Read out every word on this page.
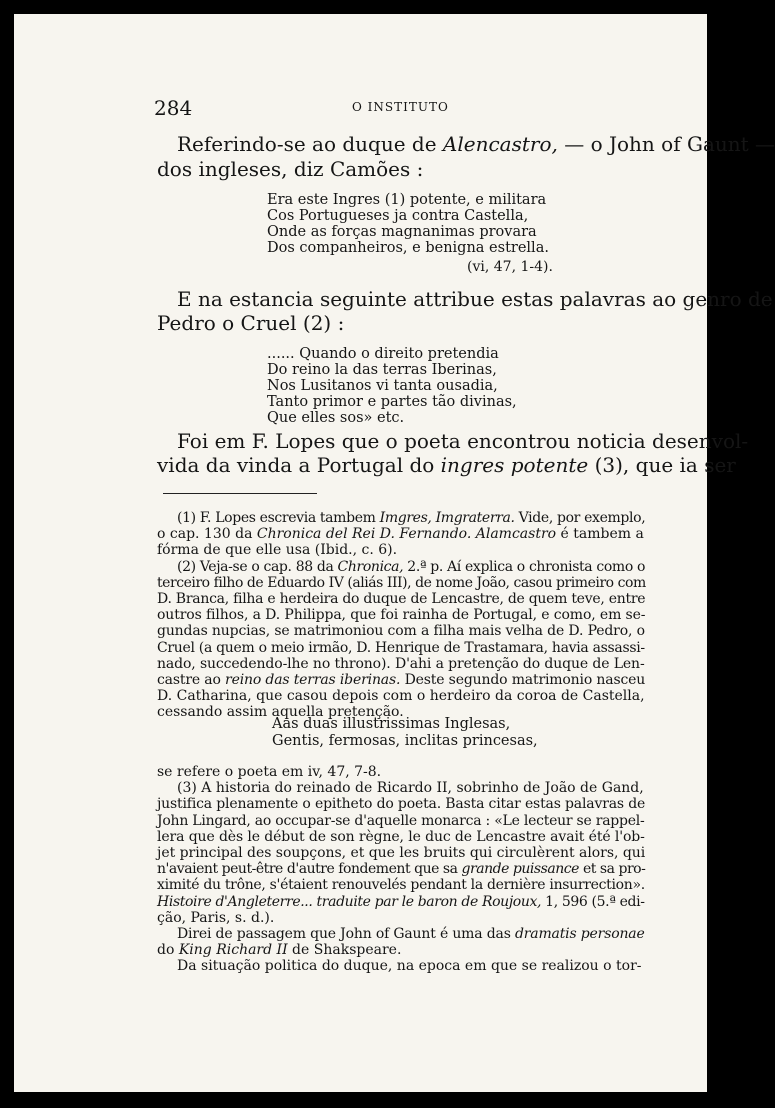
284	O INSTITUTO
Referindo-se ao duque de Alencastro, — o John of Gaunt —
dos ingleses, diz Camões :
Era este Ingres (1) potente, e militara
Cos Portugueses ja contra Castella,
Onde as forças magnanimas provara
Dos companheiros, e benigna estrella.
(vi, 47, 1-4).
E na estancia seguinte attribue estas palavras ao genro de
Pedro o Cruel (2) :
...... Quando o direito pretendia
Do reino la das terras Iberinas,
Nos Lusitanos vi tanta ousadia,
Tanto primor e partes tão divinas,
Que elles sos» etc.
Foi em F. Lopes que o poeta encontrou noticia desenvol-
vida da vinda a Portugal do ingres potente (3), que ia ser
(1) F. Lopes escrevia tambem Imgres, Imgraterra. Vide, por exemplo,
o cap. 130 da Chronica del Rei D. Fernando. Alamcastro é tambem a
fórma de que elle usa (Ibid., c. 6).
(2) Veja-se o cap. 88 da Chronica, 2.ª p. Aí explica o chronista como o
terceiro filho de Eduardo IV (aliás III), de nome João, casou primeiro com
D. Branca, filha e herdeira do duque de Lencastre, de quem teve, entre
outros filhos, a D. Philippa, que foi rainha de Portugal, e como, em se-
gundas nupcias, se matrimoniou com a filha mais velha de D. Pedro, o
Cruel (a quem o meio irmão, D. Henrique de Trastamara, havia assassi-
nado, succedendo-lhe no throno). D'ahi a pretenção do duque de Len-
castre ao reino das terras iberinas. Deste segundo matrimonio nasceu
D. Catharina, que casou depois com o herdeiro da coroa de Castella,
cessando assim aquella pretenção.
Aas duas illustrissimas Inglesas,
Gentis, fermosas, inclitas princesas,
se refere o poeta em iv, 47, 7-8.
(3) A historia do reinado de Ricardo II, sobrinho de João de Gand,
justifica plenamente o epitheto do poeta. Basta citar estas palavras de
John Lingard, ao occupar-se d'aquelle monarca : «Le lecteur se rappel-
lera que dès le début de son règne, le duc de Lencastre avait été l'ob-
jet principal des soupçons, et que les bruits qui circulèrent alors, qui
n'avaient peut-être d'autre fondement que sa grande puissance et sa pro-
ximité du trône, s'étaient renouvelés pendant la dernière insurrection».
Histoire d'Angleterre... traduite par le baron de Roujoux, 1, 596 (5.ª edi-
ção, Paris, s. d.).
Direi de passagem que John of Gaunt é uma das dramatis personae
do King Richard II de Shakspeare.
Da situação politica do duque, na epoca em que se realizou o tor-
